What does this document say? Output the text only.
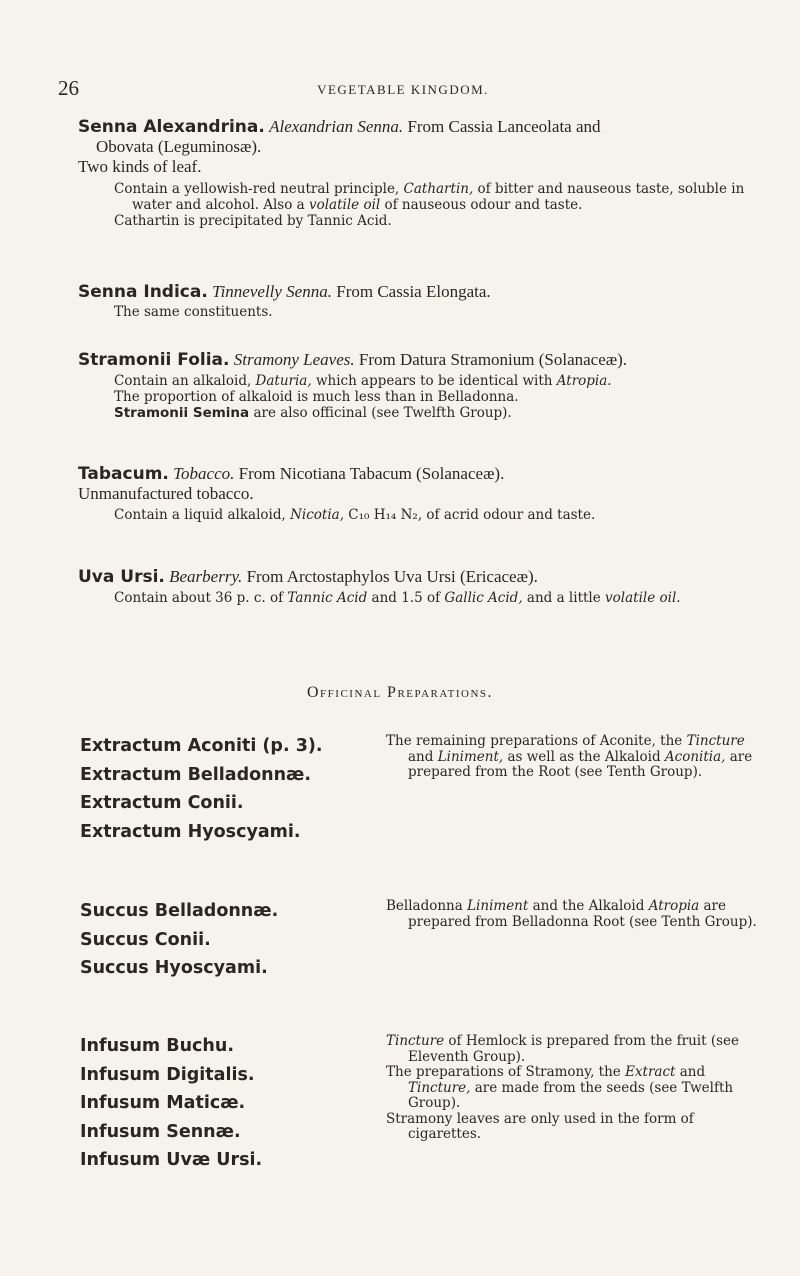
26	VEGETABLE KINGDOM.
Senna Alexandrina. Alexandrian Senna. From Cassia Lanceolata and
Obovata (Leguminosæ).
Two kinds of leaf.
Contain a yellowish-red neutral principle, Cathartin, of bitter and nauseous taste, soluble in water and alcohol. Also a volatile oil of nauseous odour and taste.
Cathartin is precipitated by Tannic Acid.
Senna Indica. Tinnevelly Senna. From Cassia Elongata.
The same constituents.
Stramonii Folia. Stramony Leaves. From Datura Stramonium (Solanaceæ).
Contain an alkaloid, Daturia, which appears to be identical with Atropia.
The proportion of alkaloid is much less than in Belladonna.
Stramonii Semina are also officinal (see Twelfth Group).
Tabacum. Tobacco. From Nicotiana Tabacum (Solanaceæ).
Unmanufactured tobacco.
Contain a liquid alkaloid, Nicotia, C₁₀ H₁₄ N₂, of acrid odour and taste.
Uva Ursi. Bearberry. From Arctostaphylos Uva Ursi (Ericaceæ).
Contain about 36 p. c. of Tannic Acid and 1.5 of Gallic Acid, and a little volatile oil.
Officinal Preparations.
Extractum Aconiti (p. 3).
Extractum Belladonnæ.
Extractum Conii.
Extractum Hyoscyami.

The remaining preparations of Aconite, the Tincture and Liniment, as well as the Alkaloid Aconitia, are prepared from the Root (see Tenth Group).

Succus Belladonnæ.
Succus Conii.
Succus Hyoscyami.

Belladonna Liniment and the Alkaloid Atropia are prepared from Belladonna Root (see Tenth Group).

Infusum Buchu.
Infusum Digitalis.
Infusum Maticæ.
Infusum Sennæ.
Infusum Uvæ Ursi.

Tincture of Hemlock is prepared from the fruit (see Eleventh Group).

The preparations of Stramony, the Extract and Tincture, are made from the seeds (see Twelfth Group).

Stramony leaves are only used in the form of cigarettes.
